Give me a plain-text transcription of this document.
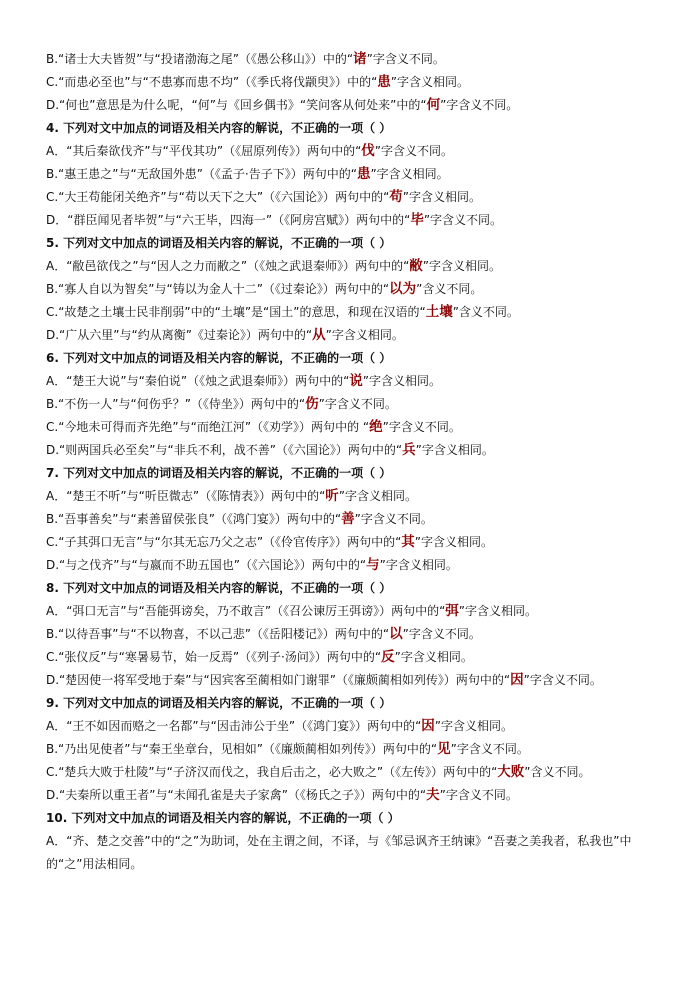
B.“诸士大夫皆贺”与“投诸渤海之尾”（《愚公移山》）中的“诸”字含义不同。
C.“而患必至也”与“不患寡而患不均”（《季氏将伐颛臾》）中的“患”字含义相同。
D.“何也”意思是为什么呢，“何”与《回乡偶书》“笑问客从何处来”中的“何”字含义不同。
4. 下列对文中加点的词语及相关内容的解说，不正确的一项（ ）
A．“其后秦欲伐齐”与“平伐其功”（《屈原列传》）两句中的“伐”字含义不同。
B.“惠王患之”与“无敌国外患”（《孟子·告子下》）两句中的“患”字含义相同。
C.“大王苟能闭关绝齐”与“苟以天下之大”（《六国论》）两句中的“苟”字含义相同。
D．“群臣闻见者毕贺”与“六王毕，四海一”（《阿房宫赋》）两句中的“毕”字含义不同。
5. 下列对文中加点的词语及相关内容的解说，不正确的一项（ ）
A．“敝邑欲伐之”与“因人之力而敝之”（《烛之武退秦师》）两句中的“敝”字含义相同。
B.“寡人自以为智矣”与“铸以为金人十二”（《过秦论》）两句中的“以为”含义不同。
C.“故楚之土壤士民非削弱”中的“土壤”是“国土”的意思，和现在汉语的“土壤”含义不同。
D.“广从六里”与“约从离衡”《过秦论》）两句中的“从”字含义相同。
6. 下列对文中加点的词语及相关内容的解说，不正确的一项（ ）
A．“楚王大说”与“秦伯说”（《烛之武退秦师》）两句中的“说”字含义相同。
B.“不伤一人”与“何伤乎？”（《侍坐》）两句中的“伤”字含义不同。
C.“今地未可得而齐先绝”与“而绝江河”（《劝学》）两句中的 “绝”字含义不同。
D.“则两国兵必至矣”与“非兵不利，战不善”（《六国论》）两句中的“兵”字含义相同。
7. 下列对文中加点的词语及相关内容的解说，不正确的一项（ ）
A．“楚王不听”与“听臣微志”（《陈情表》）两句中的“听”字含义相同。
B.“吾事善矣”与“素善留侯张良”（《鸿门宴》）两句中的“善”字含义不同。
C.“子其弭口无言”与“尔其无忘乃父之志”（《伶官传序》）两句中的“其”字含义相同。
D.“与之伐齐”与“与嬴而不助五国也”（《六国论》）两句中的“与”字含义相同。
8. 下列对文中加点的词语及相关内容的解说，不正确的一项（ ）
A．“弭口无言”与“吾能弭谤矣，乃不敢言”（《召公谏厉王弭谤》）两句中的“弭”字含义相同。
B.“以待吾事”与“不以物喜，不以己悲”（《岳阳楼记》）两句中的“以”字含义不同。
C.“张仪反”与“寒暑易节，始一反焉”（《列子·汤问》）两句中的“反”字含义相同。
D.“楚因使一将军受地于秦”与“因宾客至蔺相如门谢罪”（《廉颇蔺相如列传》）两句中的“因”字含义不同。
9. 下列对文中加点的词语及相关内容的解说，不正确的一项（ ）
A．“王不如因而赂之一名都”与“因击沛公于坐”（《鸿门宴》）两句中的“因”字含义相同。
B.“乃出见使者”与“秦王坐章台，见相如”（《廉颇蔺相如列传》）两句中的“见”字含义不同。
C.“楚兵大败于杜陵”与“子济汉而伐之，我自后击之，必大败之”（《左传》）两句中的“大败”含义不同。
D.“夫秦所以重王者”与“未闻孔雀是夫子家禽”（《杨氏之子》）两句中的“夫”字含义不同。
10. 下列对文中加点的词语及相关内容的解说，不正确的一项（ ）
A．“齐、楚之交善”中的“之”为助词，处在主谓之间，不译，与《邹忌讽齐王纳谏》“吾妻之美我者，私我也”中的“之”用法相同。
